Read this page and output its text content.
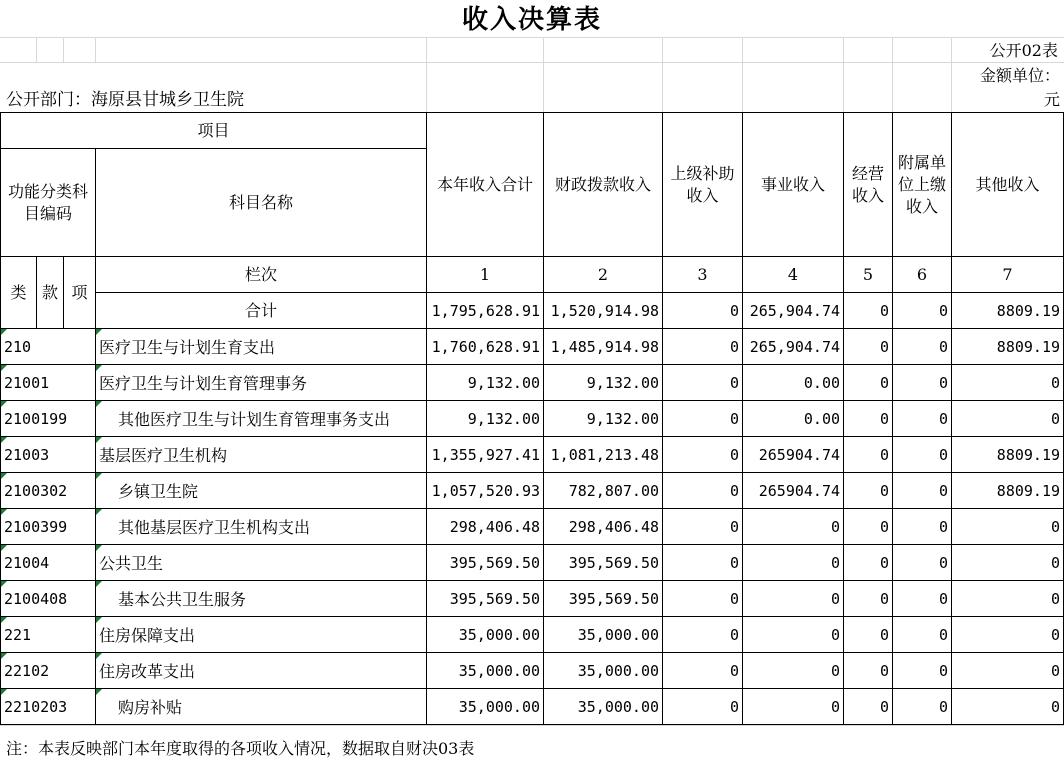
收入决算表
公开02表
金额单位：
元
公开部门：海原县甘城乡卫生院
项目				本年收入合计	财政拨款收入	上级补助收入	事业收入	经营收入	附属单位上缴收入	其他收入
功能分类科目编码			科目名称							
类	款	项	栏次	1	2	3	4	5	6	7
			合计	1,795,628.91	1,520,914.98	0	265,904.74	0	0	8809.19
210			医疗卫生与计划生育支出	1,760,628.91	1,485,914.98	0	265,904.74	0	0	8809.19
21001			医疗卫生与计划生育管理事务	9,132.00	9,132.00	0	0.00	0	0	0
2100199			其他医疗卫生与计划生育管理事务支出	9,132.00	9,132.00	0	0.00	0	0	0
21003			基层医疗卫生机构	1,355,927.41	1,081,213.48	0	265904.74	0	0	8809.19
2100302			乡镇卫生院	1,057,520.93	782,807.00	0	265904.74	0	0	8809.19
2100399			其他基层医疗卫生机构支出	298,406.48	298,406.48	0	0	0	0	0
21004			公共卫生	395,569.50	395,569.50	0	0	0	0	0
2100408			基本公共卫生服务	395,569.50	395,569.50	0	0	0	0	0
221			住房保障支出	35,000.00	35,000.00	0	0	0	0	0
22102			住房改革支出	35,000.00	35,000.00	0	0	0	0	0
2210203			购房补贴	35,000.00	35,000.00	0	0	0	0	0
注：本表反映部门本年度取得的各项收入情况，数据取自财决03表
